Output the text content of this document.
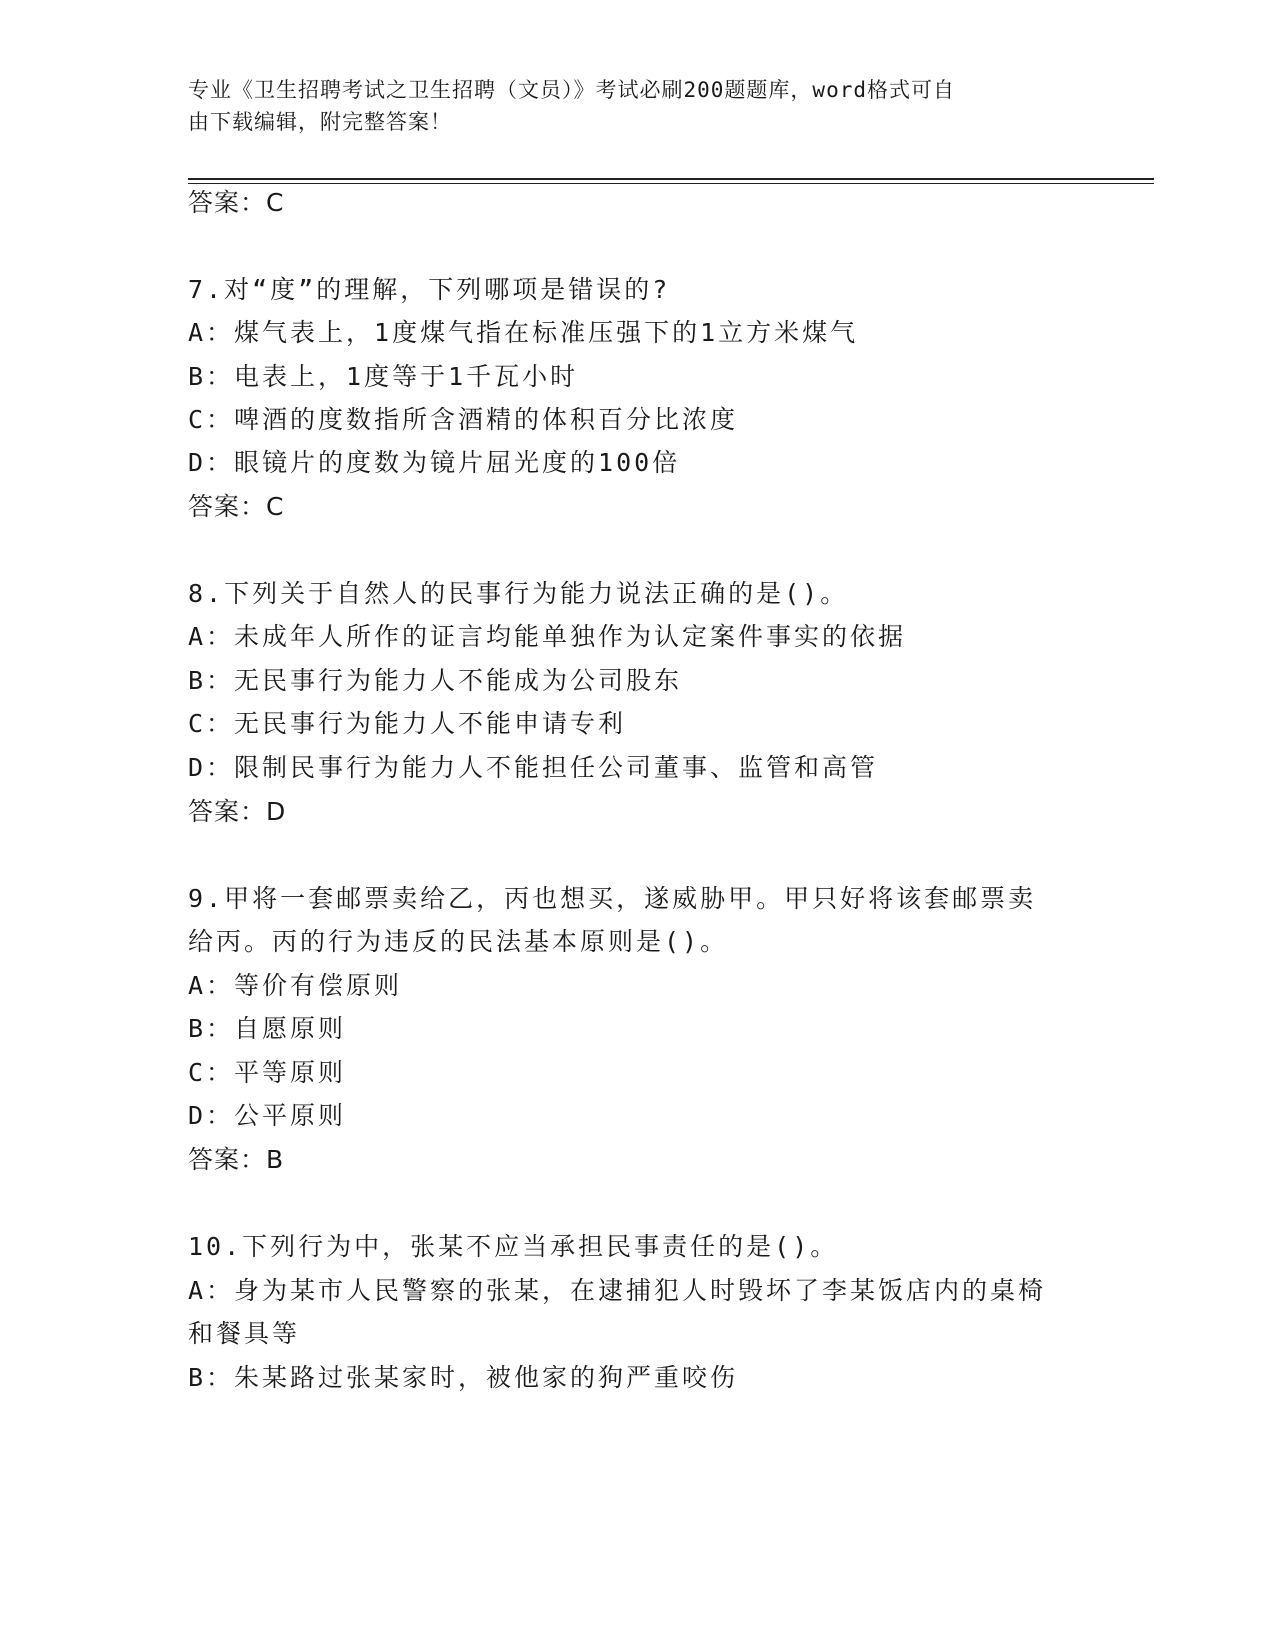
专业《卫生招聘考试之卫生招聘（文员）》考试必刷200题题库，word格式可自
由下载编辑，附完整答案！
答案：C
7.对“度”的理解，下列哪项是错误的?
A：煤气表上，1度煤气指在标准压强下的1立方米煤气
B：电表上，1度等于1千瓦小时
C：啤酒的度数指所含酒精的体积百分比浓度
D：眼镜片的度数为镜片屈光度的100倍
答案：C
8.下列关于自然人的民事行为能力说法正确的是()。
A：未成年人所作的证言均能单独作为认定案件事实的依据
B：无民事行为能力人不能成为公司股东
C：无民事行为能力人不能申请专利
D：限制民事行为能力人不能担任公司董事、监管和高管
答案：D
9.甲将一套邮票卖给乙，丙也想买，遂威胁甲。甲只好将该套邮票卖
给丙。丙的行为违反的民法基本原则是()。
A：等价有偿原则
B：自愿原则
C：平等原则
D：公平原则
答案：B
10.下列行为中，张某不应当承担民事责任的是()。
A：身为某市人民警察的张某，在逮捕犯人时毁坏了李某饭店内的桌椅
和餐具等
B：朱某路过张某家时，被他家的狗严重咬伤
